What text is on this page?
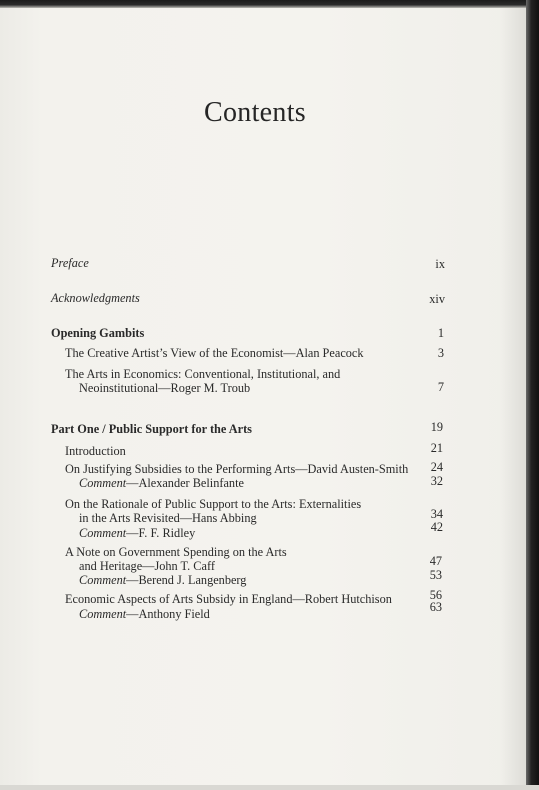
Contents
Preface	ix
Acknowledgments	xiv
Opening Gambits	1
The Creative Artist’s View of the Economist—Alan Peacock	3
The Arts in Economics: Conventional, Institutional, and
Neoinstitutional—Roger M. Troub	7
Part One / Public Support for the Arts	19
Introduction	21
On Justifying Subsidies to the Performing Arts—David Austen-Smith	24
Comment—Alexander Belinfante	32
On the Rationale of Public Support to the Arts: Externalities
in the Arts Revisited—Hans Abbing	34
Comment—F. F. Ridley	42
A Note on Government Spending on the Arts
and Heritage—John T. Caff	47
Comment—Berend J. Langenberg	53
Economic Aspects of Arts Subsidy in England—Robert Hutchison	56
Comment—Anthony Field	63
